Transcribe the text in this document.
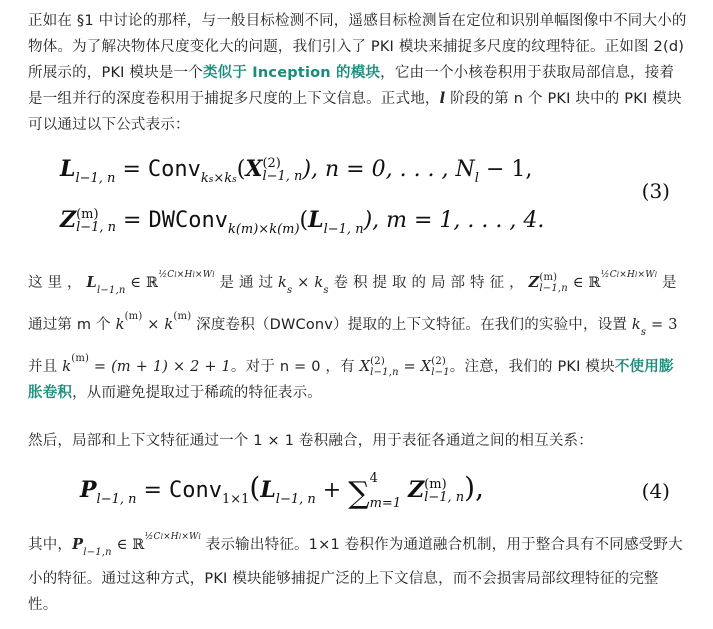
正如在 §1 中讨论的那样，与一般目标检测不同，遥感目标检测旨在定位和识别单幅图像中不同大小的物体。为了解决物体尺度变化大的问题，我们引入了 PKI 模块来捕捉多尺度的纹理特征。正如图 2(d) 所展示的，PKI 模块是一个类似于 Inception 的模块，它由一个小核卷积用于获取局部信息，接着是一组并行的深度卷积用于捕捉多尺度的上下文信息。正式地，l 阶段的第 n 个 PKI 块中的 PKI 模块可以通过以下公式表示：
$L_{l-1, n}$ = Conv$_{ks\times ks}$(X (2)
l−1, n ), n = 0, . . . , $N_l - 1$,
Z (m)
l−1, $n = DWConv_{k(m)\times k(m)}(L_{l-1, n})$, m = 1, . . . , 4.
(3)
这 里 ， $L_{l-1,n}$ ∈ ℝ$^{\frac{1}{2}Cl\times Hl\times Wl}$ 是 通 过 $k_s \times k_s$ 卷 积 提 取 的 局 部 特 征 ， Z (m)
l−1,n ∈ ℝ$^{\frac{1}{2}Cl\times Hl\times Wl}$ 是通过第 m 个 $k^{(m)} \times k^{(m)}$ 深度卷积（DWConv）提取的上下文特征。在我们的实验中，设置 $k_s = 3$ 并且 $k^{(m)} = (m + 1) \times 2 + 1$。对于 n = 0 ，有 X (2)
l−1,n = X (2)
l−1 。注意，我们的 PKI 模块不使用膨胀卷积，从而避免提取过于稀疏的特征表示。
然后，局部和上下文特征通过一个 1 × 1 卷积融合，用于表征各通道之间的相互关系：
$P_{l-1, n}$ = $Conv_{1\times 1}(L_{l-1, n}$ + ∑ 4
m=1
Z (m)
l−1, n ),	(4)
其中，$P_{l-1,n}$ ∈ ℝ$^{\frac{1}{2}Cl\times Hl\times Wl}$ 表示输出特征。1×1 卷积作为通道融合机制，用于整合具有不同感受野大小的特征。通过这种方式，PKI 模块能够捕捉广泛的上下文信息，而不会损害局部纹理特征的完整性。
